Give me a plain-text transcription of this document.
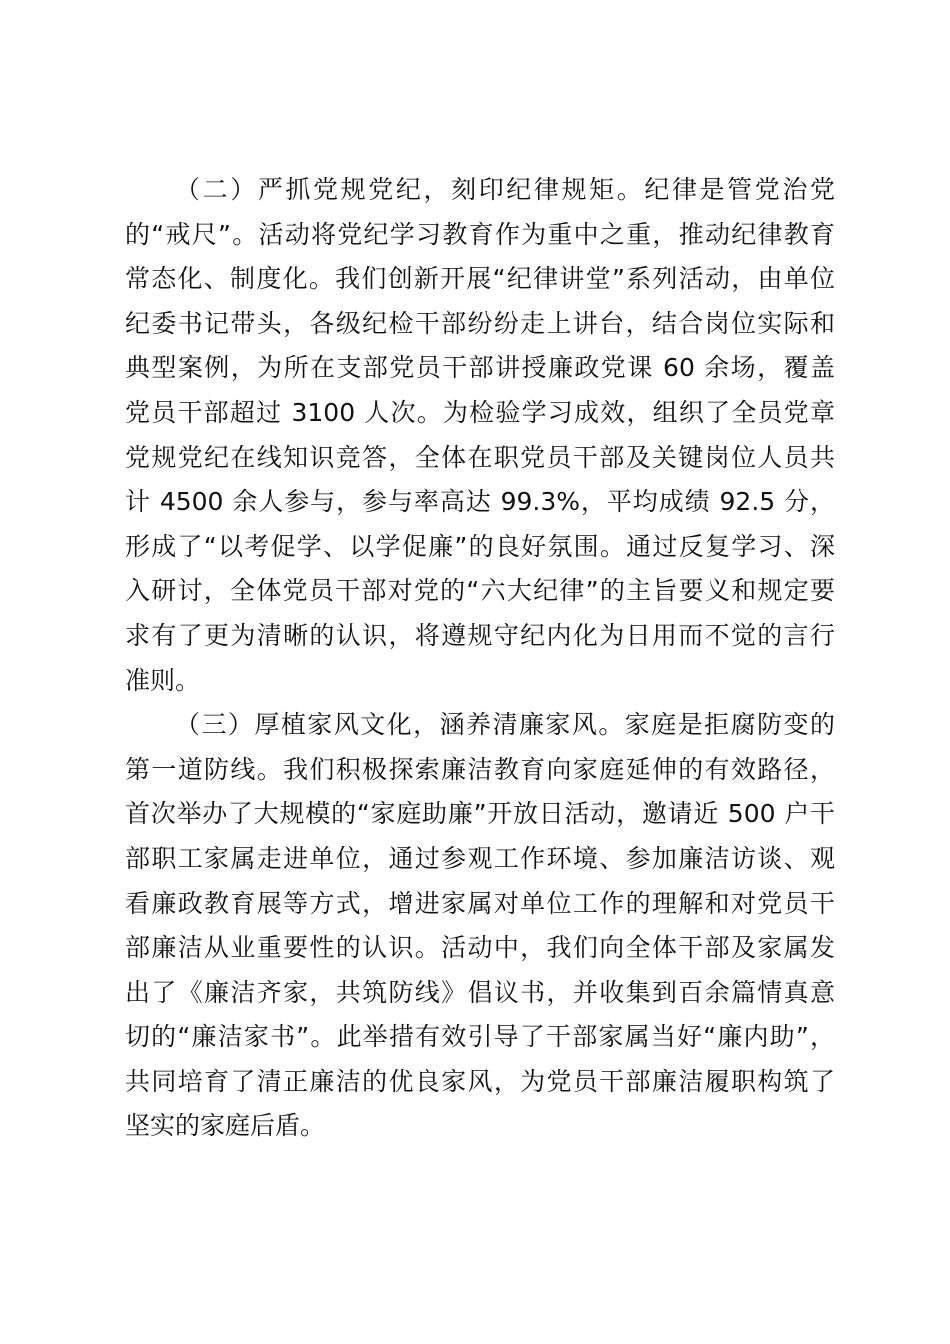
（二）严抓党规党纪，刻印纪律规矩。纪律是管党治党
的“戒尺”。活动将党纪学习教育作为重中之重，推动纪律教育
常态化、制度化。我们创新开展“纪律讲堂”系列活动，由单位
纪委书记带头，各级纪检干部纷纷走上讲台，结合岗位实际和
典型案例，为所在支部党员干部讲授廉政党课 60 余场，覆盖
党员干部超过 3100 人次。为检验学习成效，组织了全员党章
党规党纪在线知识竞答，全体在职党员干部及关键岗位人员共
计 4500 余人参与，参与率高达 99.3%，平均成绩 92.5 分，
形成了“以考促学、以学促廉”的良好氛围。通过反复学习、深
入研讨，全体党员干部对党的“六大纪律”的主旨要义和规定要
求有了更为清晰的认识，将遵规守纪内化为日用而不觉的言行
准则。
（三）厚植家风文化，涵养清廉家风。家庭是拒腐防变的
第一道防线。我们积极探索廉洁教育向家庭延伸的有效路径，
首次举办了大规模的“家庭助廉”开放日活动，邀请近 500 户干
部职工家属走进单位，通过参观工作环境、参加廉洁访谈、观
看廉政教育展等方式，增进家属对单位工作的理解和对党员干
部廉洁从业重要性的认识。活动中，我们向全体干部及家属发
出了《廉洁齐家，共筑防线》倡议书，并收集到百余篇情真意
切的“廉洁家书”。此举措有效引导了干部家属当好“廉内助”，
共同培育了清正廉洁的优良家风，为党员干部廉洁履职构筑了
坚实的家庭后盾。
